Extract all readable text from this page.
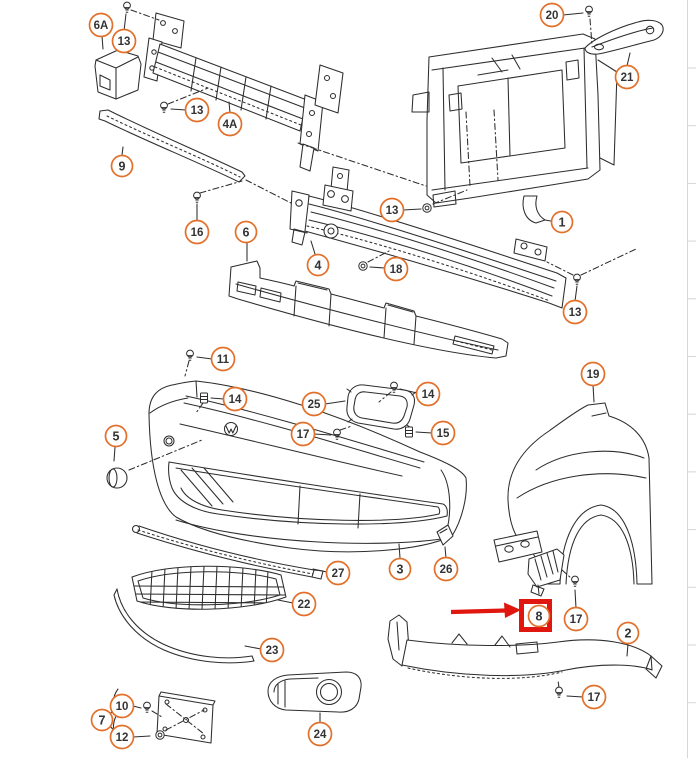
6A
13
13
4A
9
16	6
4
13
18
1
13
20
21
11
14	25
14
17	15
5
3	26
27
22
23
10
7
12	24
19
8 17
2
17
